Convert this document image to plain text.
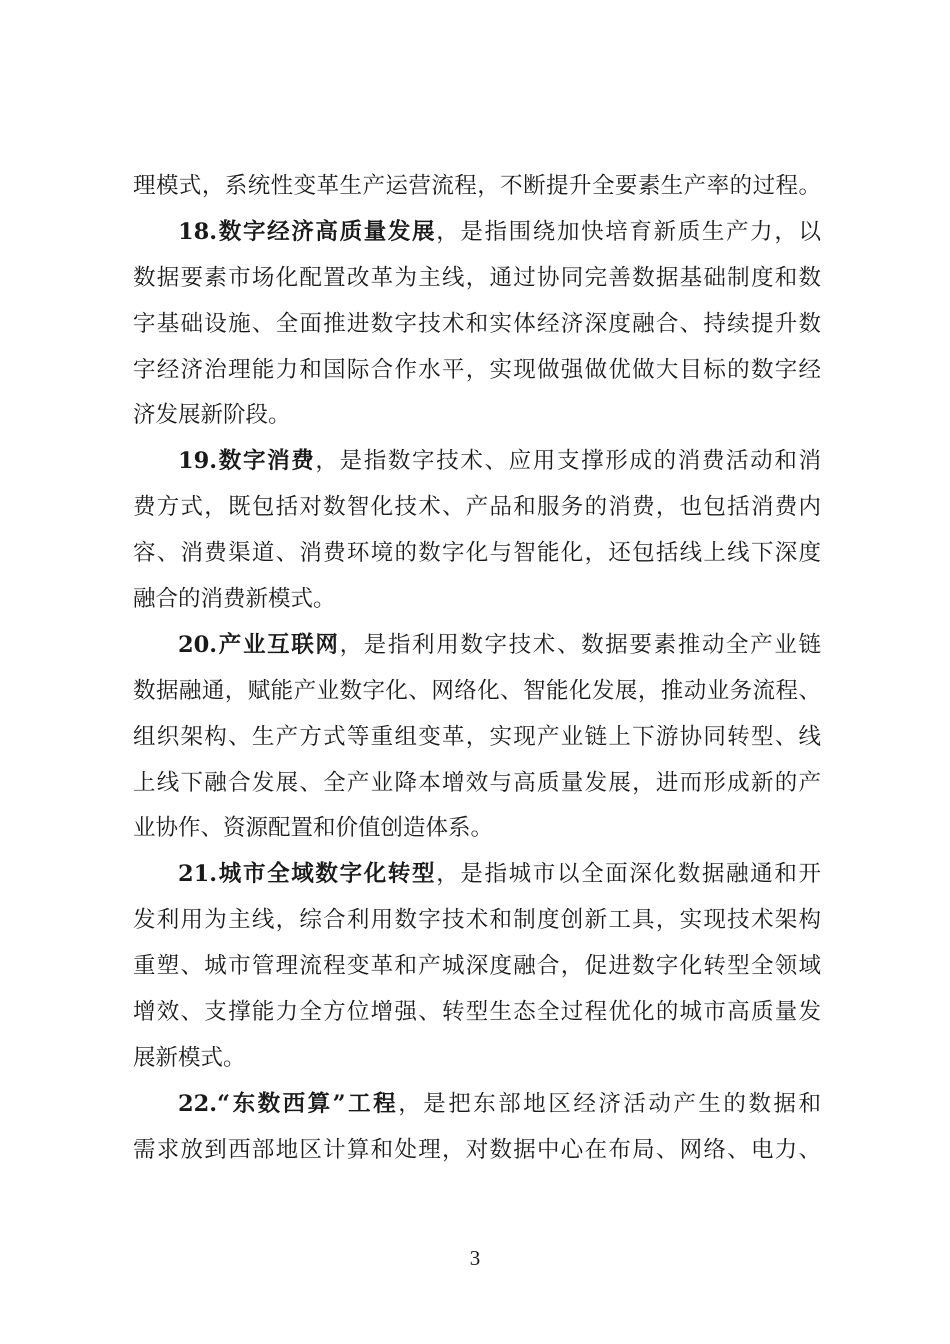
理模式，系统性变革生产运营流程，不断提升全要素生产率的过程。
18.数字经济高质量发展，是指围绕加快培育新质生产力，以
数据要素市场化配置改革为主线，通过协同完善数据基础制度和数
字基础设施、全面推进数字技术和实体经济深度融合、持续提升数
字经济治理能力和国际合作水平，实现做强做优做大目标的数字经
济发展新阶段。
19.数字消费，是指数字技术、应用支撑形成的消费活动和消
费方式，既包括对数智化技术、产品和服务的消费，也包括消费内
容、消费渠道、消费环境的数字化与智能化，还包括线上线下深度
融合的消费新模式。
20.产业互联网，是指利用数字技术、数据要素推动全产业链
数据融通，赋能产业数字化、网络化、智能化发展，推动业务流程、
组织架构、生产方式等重组变革，实现产业链上下游协同转型、线
上线下融合发展、全产业降本增效与高质量发展，进而形成新的产
业协作、资源配置和价值创造体系。
21.城市全域数字化转型，是指城市以全面深化数据融通和开
发利用为主线，综合利用数字技术和制度创新工具，实现技术架构
重塑、城市管理流程变革和产城深度融合，促进数字化转型全领域
增效、支撑能力全方位增强、转型生态全过程优化的城市高质量发
展新模式。
22.“东数西算”工程，是把东部地区经济活动产生的数据和
需求放到西部地区计算和处理，对数据中心在布局、网络、电力、
3
